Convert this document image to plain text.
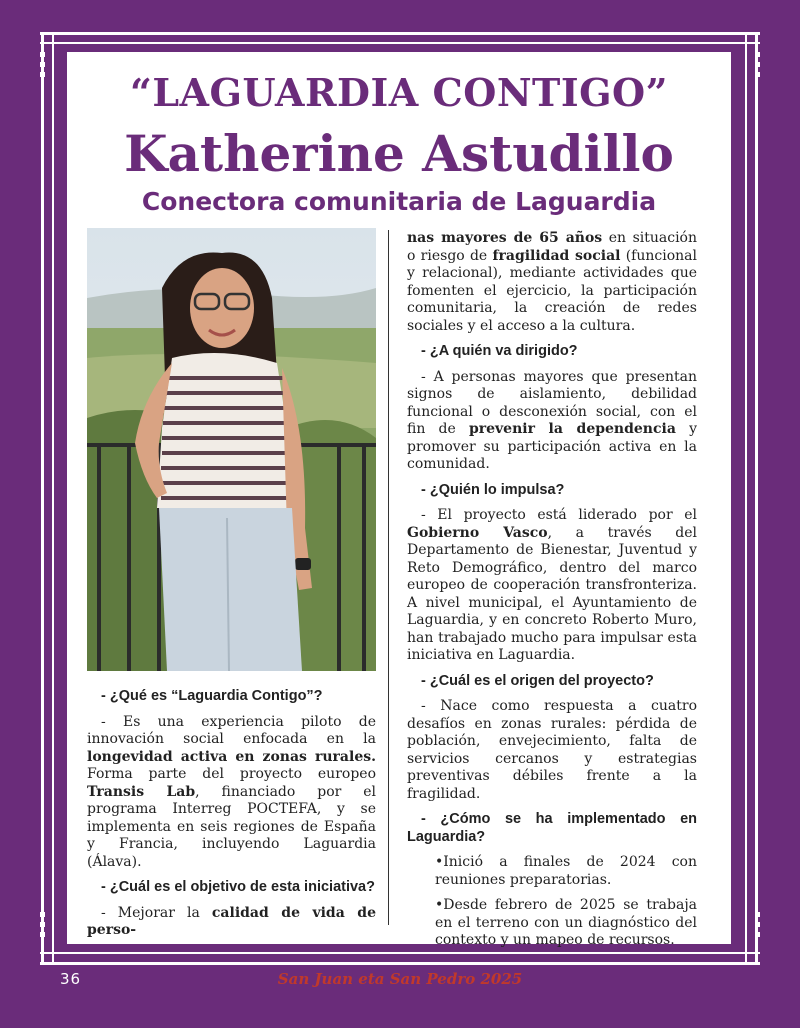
“LAGUARDIA CONTIGO”
Katherine Astudillo
Conectora comunitaria de Laguardia

- ¿Qué es “Laguardia Contigo”?

- Es una experiencia piloto de innovación social enfocada en la longevidad activa en zonas rurales. Forma parte del proyecto europeo Transis Lab, financiado por el programa Interreg POCTEFA, y se implementa en seis regiones de España y Francia, incluyendo Laguardia (Álava).

- ¿Cuál es el objetivo de esta iniciativa?

- Mejorar la calidad de vida de perso-

nas mayores de 65 años en situación o riesgo de fragilidad social (funcional y relacional), mediante actividades que fomenten el ejercicio, la participación comunitaria, la creación de redes sociales y el acceso a la cultura.

- ¿A quién va dirigido?

- A personas mayores que presentan signos de aislamiento, debilidad funcional o desconexión social, con el fin de prevenir la dependencia y promover su participación activa en la comunidad.

- ¿Quién lo impulsa?

- El proyecto está liderado por el Gobierno Vasco, a través del Departamento de Bienestar, Juventud y Reto Demográfico, dentro del marco europeo de cooperación transfronteriza. A nivel municipal, el Ayuntamiento de Laguardia, y en concreto Roberto Muro, han trabajado mucho para impulsar esta iniciativa en Laguardia.

- ¿Cuál es el origen del proyecto?

- Nace como respuesta a cuatro desafíos en zonas rurales: pérdida de población, envejecimiento, falta de servicios cercanos y estrategias preventivas débiles frente a la fragilidad.

- ¿Cómo se ha implementado en Laguardia?

•Inició a finales de 2024 con reuniones preparatorias.

•Desde febrero de 2025 se trabaja en el terreno con un diagnóstico del contexto y un mapeo de recursos.

36	San Juan eta San Pedro 2025
